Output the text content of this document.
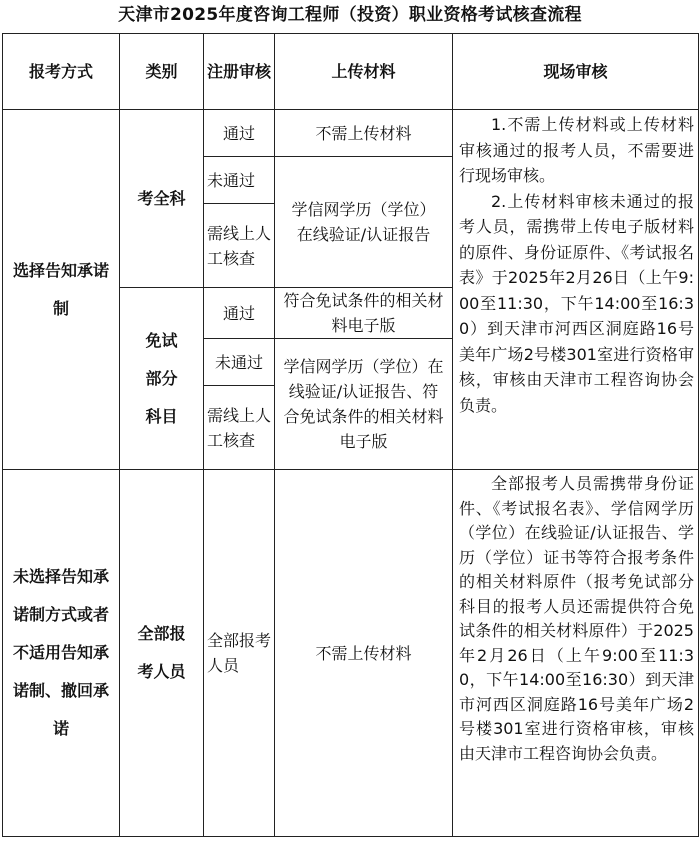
天津市2025年度咨询工程师（投资）职业资格考试核查流程
报考方式	类别	注册审核	上传材料	现场审核
选择告知承诺制	考全科	通过	不需上传材料	1.不需上传材料或上传材料审核通过的报考人员，不需要进行现场审核。
2.上传材料审核未通过的报考人员，需携带上传电子版材料的原件、身份证原件、《考试报名表》于2025年2月26日（上午9:00至11:30，下午14:00至16:30）到天津市河西区洞庭路16号美年广场2号楼301室进行资格审核，审核由天津市工程咨询协会负责。

		未通过	学信网学历（学位）在线验证/认证报告	
		需线上人工核查		
	免试部分科目	通过	符合免试条件的相关材料电子版	
		未通过	学信网学历（学位）在线验证/认证报告、符合免试条件的相关材料电子版	
		需线上人工核查		
未选择告知承诺制方式或者不适用告知承诺制、撤回承诺	全部报考人员	全部报考人员	不需上传材料	全部报考人员需携带身份证件、《考试报名表》、学信网学历（学位）在线验证/认证报告、学历（学位）证书等符合报考条件的相关材料原件（报考免试部分科目的报考人员还需提供符合免试条件的相关材料原件）于2025年2月26日（上午9:00至11:30，下午14:00至16:30）到天津市河西区洞庭路16号美年广场2号楼301室进行资格审核，审核由天津市工程咨询协会负责。
